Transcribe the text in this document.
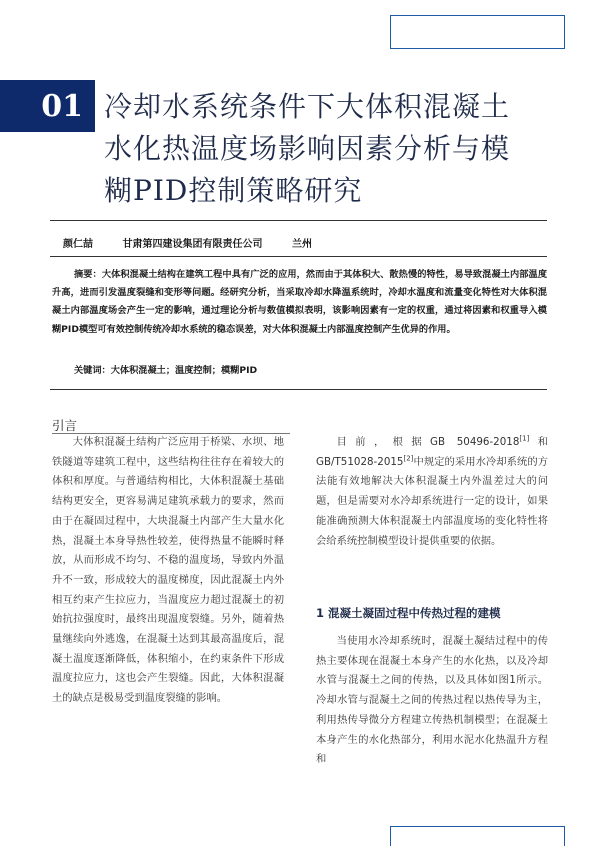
01 冷却水系统条件下大体积混凝土
水化热温度场影响因素分析与模
糊PID控制策略研究
颜仁喆	甘肃第四建设集团有限责任公司	兰州
摘要：大体积混凝土结构在建筑工程中具有广泛的应用，然而由于其体积大、散热慢的特性，易导致混凝土内部温度升高，进而引发温度裂缝和变形等问题。经研究分析，当采取冷却水降温系统时，冷却水温度和流量变化特性对大体积混凝土内部温度场会产生一定的影响，通过理论分析与数值模拟表明，该影响因素有一定的权重，通过将因素和权重导入模糊PID模型可有效控制传统冷却水系统的稳态误差，对大体积混凝土内部温度控制产生优异的作用。
关键词：大体积混凝土；温度控制；模糊PID
引言

大体积混凝土结构广泛应用于桥梁、水坝、地铁隧道等建筑工程中，这些结构往往存在着较大的体积和厚度。与普通结构相比，大体积混凝土基础结构更安全，更容易满足建筑承载力的要求，然而由于在凝固过程中，大块混凝土内部产生大量水化热，混凝土本身导热性较差，使得热量不能瞬时释放，从而形成不均匀、不稳的温度场，导致内外温升不一致，形成较大的温度梯度，因此混凝土内外相互约束产生拉应力，当温度应力超过混凝土的初始抗拉强度时，最终出现温度裂缝。另外，随着热量继续向外逃逸，在混凝土达到其最高温度后，混凝土温度逐渐降低，体积缩小，在约束条件下形成温度拉应力，这也会产生裂缝。因此，大体积混凝土的缺点是极易受到温度裂缝的影响。

目前，根据GB 50496-2018[1]和GB/T51028-2015[2]中规定的采用水冷却系统的方法能有效地解决大体积混凝土内外温差过大的问题，但是需要对水冷却系统进行一定的设计，如果能准确预测大体积混凝土内部温度场的变化特性将会给系统控制模型设计提供重要的依据。

1 混凝土凝固过程中传热过程的建模

当使用水冷却系统时，混凝土凝结过程中的传热主要体现在混凝土本身产生的水化热，以及冷却水管与混凝土之间的传热，以及具体如图1所示。冷却水管与混凝土之间的传热过程以热传导为主，利用热传导微分方程建立传热机制模型；在混凝土本身产生的水化热部分，利用水泥水化热温升方程和
